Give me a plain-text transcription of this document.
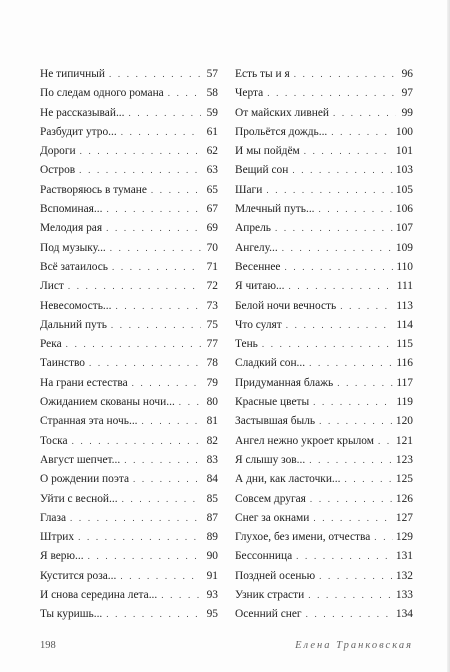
Не типичный . . .	57
По следам одного романа . . .	58
Не рассказывай... . . .	59
Разбудит утро... . . .	61
Дороги . . .	62
Остров . . .	63
Растворяюсь в тумане . . .	65
Вспоминая... . . .	67
Мелодия рая . . .	69
Под музыку... . . .	70
Всё затаилось . . .	71
Лист . . .	72
Невесомость... . . .	73
Дальний путь . . .	75
Река . . .	77
Таинство . . .	78
На грани естества . . .	79
Ожиданием скованы ночи... . . .	80
Странная эта ночь... . . .	81
Тоска . . .	82
Август шепчет... . . .	83
О рождении поэта . . .	84
Уйти с весной... . . .	85
Глаза . . .	87
Штрих . . .	89
Я верю... . . .	90
Кустится роза... . . .	91
И снова середина лета... . . .	93
Ты куришь... . . .	95
Есть ты и я . . .	96
Черта . . .	97
От майских ливней . . .	99
Прольётся дождь... . . .	100
И мы пойдём . . .	101
Вещий сон . . .	103
Шаги . . .	105
Млечный путь... . . .	106
Апрель . . .	107
Ангелу... . . .	109
Весеннее . . .	110
Я читаю... . . .	111
Белой ночи вечность . . .	113
Что сулят . . .	114
Тень . . .	115
Сладкий сон... . . .	116
Придуманная блажь . . .	117
Красные цветы . . .	119
Застывшая быль . . .	120
Ангел нежно укроет крылом . . . 121
Я слышу зов... . . .	123
А дни, как ласточки... . . .	125
Совсем другая . . .	126
Снег за окнами . . .	127
Глухое, без имени, отчества . . . 129
Бессонница . . .	131
Поздней осенью . . .	132
Узник страсти . . .	133
Осенний снег . . .	134
198	Елена Транковская
